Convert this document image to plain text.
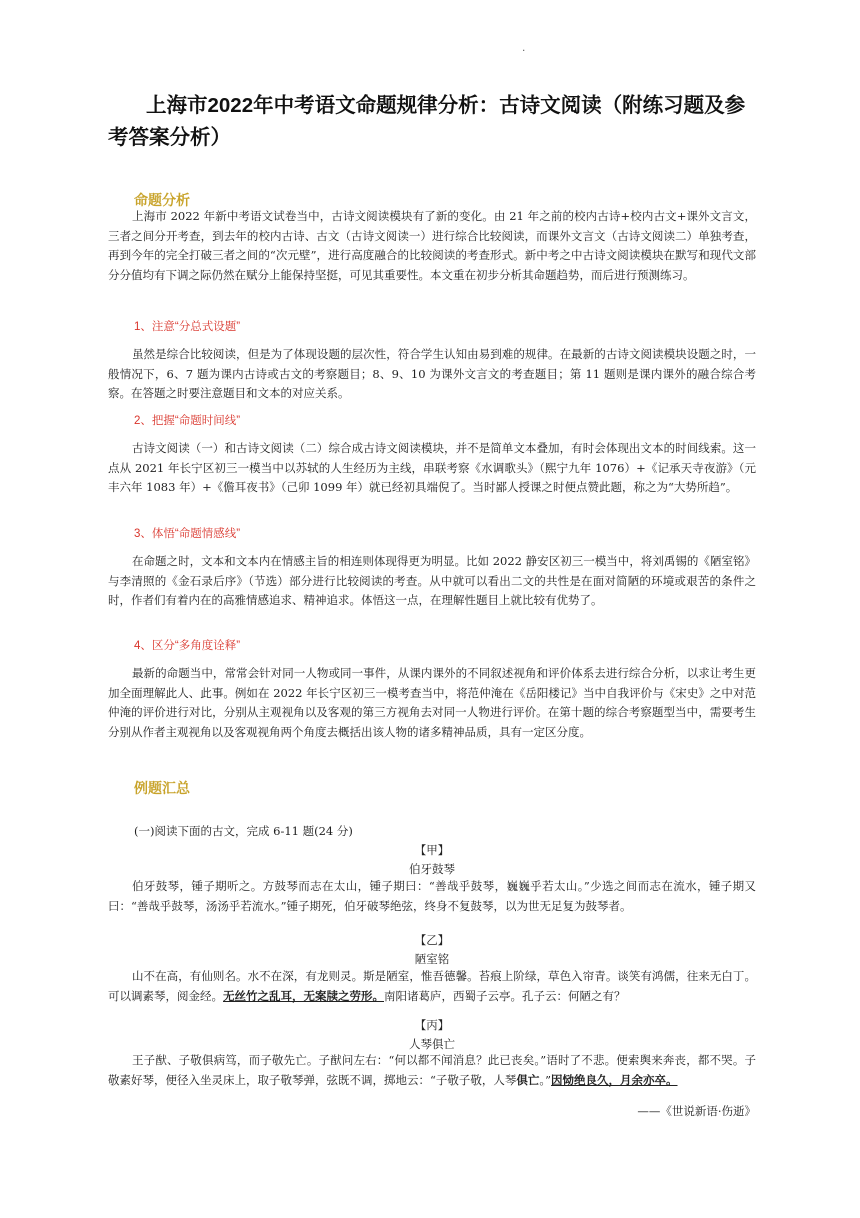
.
上海市2022年中考语文命题规律分析：古诗文阅读（附练习题及参考答案分析）
命题分析

上海市 2022 年新中考语文试卷当中，古诗文阅读模块有了新的变化。由 21 年之前的校内古诗+校内古文+课外文言文，三者之间分开考查，到去年的校内古诗、古文（古诗文阅读一）进行综合比较阅读，而课外文言文（古诗文阅读二）单独考查，再到今年的完全打破三者之间的“次元壁”，进行高度融合的比较阅读的考查形式。新中考之中古诗文阅读模块在默写和现代文部分分值均有下调之际仍然在赋分上能保持坚挺，可见其重要性。本文重在初步分析其命题趋势，而后进行预测练习。

1、注意“分总式设题”

虽然是综合比较阅读，但是为了体现设题的层次性，符合学生认知由易到难的规律。在最新的古诗文阅读模块设题之时，一般情况下，6、7 题为课内古诗或古文的考察题目；8、9、10 为课外文言文的考查题目；第 11 题则是课内课外的融合综合考察。在答题之时要注意题目和文本的对应关系。

2、把握“命题时间线”

古诗文阅读（一）和古诗文阅读（二）综合成古诗文阅读模块，并不是简单文本叠加，有时会体现出文本的时间线索。这一点从 2021 年长宁区初三一模当中以苏轼的人生经历为主线，串联考察《水调歌头》（熙宁九年 1076）+《记承天寺夜游》（元丰六年 1083 年）+《儋耳夜书》（己卯 1099 年）就已经初具端倪了。当时鄙人授课之时便点赞此题，称之为“大势所趋”。

3、体悟“命题情感线”

在命题之时，文本和文本内在情感主旨的相连则体现得更为明显。比如 2022 静安区初三一模当中，将刘禹锡的《陋室铭》与李清照的《金石录后序》（节选）部分进行比较阅读的考查。从中就可以看出二文的共性是在面对简陋的环境或艰苦的条件之时，作者们有着内在的高雅情感追求、精神追求。体悟这一点，在理解性题目上就比较有优势了。

4、区分“多角度诠释”

最新的命题当中，常常会针对同一人物或同一事件，从课内课外的不同叙述视角和评价体系去进行综合分析，以求让考生更加全面理解此人、此事。例如在 2022 年长宁区初三一模考查当中，将范仲淹在《岳阳楼记》当中自我评价与《宋史》之中对范仲淹的评价进行对比，分别从主观视角以及客观的第三方视角去对同一人物进行评价。在第十题的综合考察题型当中，需要考生分别从作者主观视角以及客观视角两个角度去概括出该人物的诸多精神品质，具有一定区分度。

例题汇总

(一)阅读下面的古文，完成 6-11 题(24 分)

【甲】
伯牙鼓琴

伯牙鼓琴，锺子期听之。方鼓琴而志在太山，锺子期曰：“善哉乎鼓琴，巍巍乎若太山。”少选之间而志在流水，锺子期又曰：“善哉乎鼓琴，汤汤乎若流水。”锺子期死，伯牙破琴绝弦，终身不复鼓琴，以为世无足复为鼓琴者。

【乙】
陋室铭

山不在高，有仙则名。水不在深，有龙则灵。斯是陋室，惟吾德馨。苔痕上阶绿，草色入帘青。谈笑有鸿儒，往来无白丁。可以调素琴，阅金经。无丝竹之乱耳，无案牍之劳形。南阳诸葛庐，西蜀子云亭。孔子云：何陋之有？

【丙】
人琴俱亡

王子猷、子敬俱病笃，而子敬先亡。子猷问左右：“何以都不闻消息？此已丧矣。”语时了不悲。便索舆来奔丧，都不哭。子敬素好琴，便径入坐灵床上，取子敬琴弹，弦既不调，掷地云：“子敬子敬，人琴俱亡。”因恸绝良久，月余亦卒。

——《世说新语·伤逝》
